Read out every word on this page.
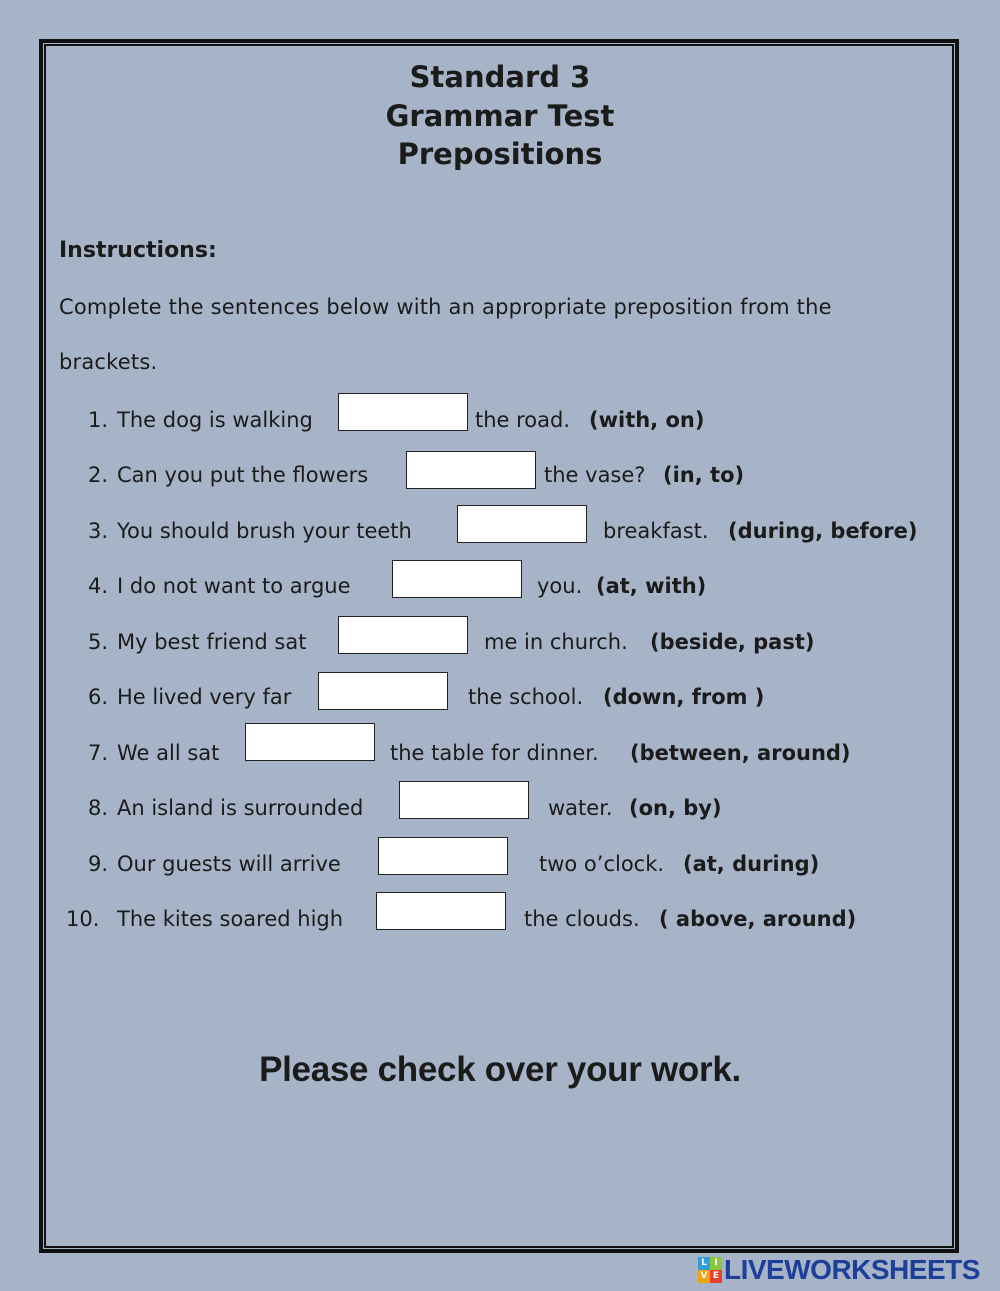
Standard 3
Grammar Test
Prepositions
Instructions:
Complete the sentences below with an appropriate preposition from the brackets.
1. The dog is walking	the road. (with, on)
2. Can you put the flowers	the vase? (in, to)
3. You should brush your teeth	breakfast. (during, before)
4. I do not want to argue	you. (at, with)
5. My best friend sat	me in church. (beside, past)
6. He lived very far	the school. (down, from )
7. We all sat	the table for dinner. (between, around)
8. An island is surrounded	water. (on, by)
9. Our guests will arrive	two o’clock. (at, during)
10. The kites soared high	the clouds. ( above, around)
Please check over your work.
L I
V E LIVEWORKSHEETS
